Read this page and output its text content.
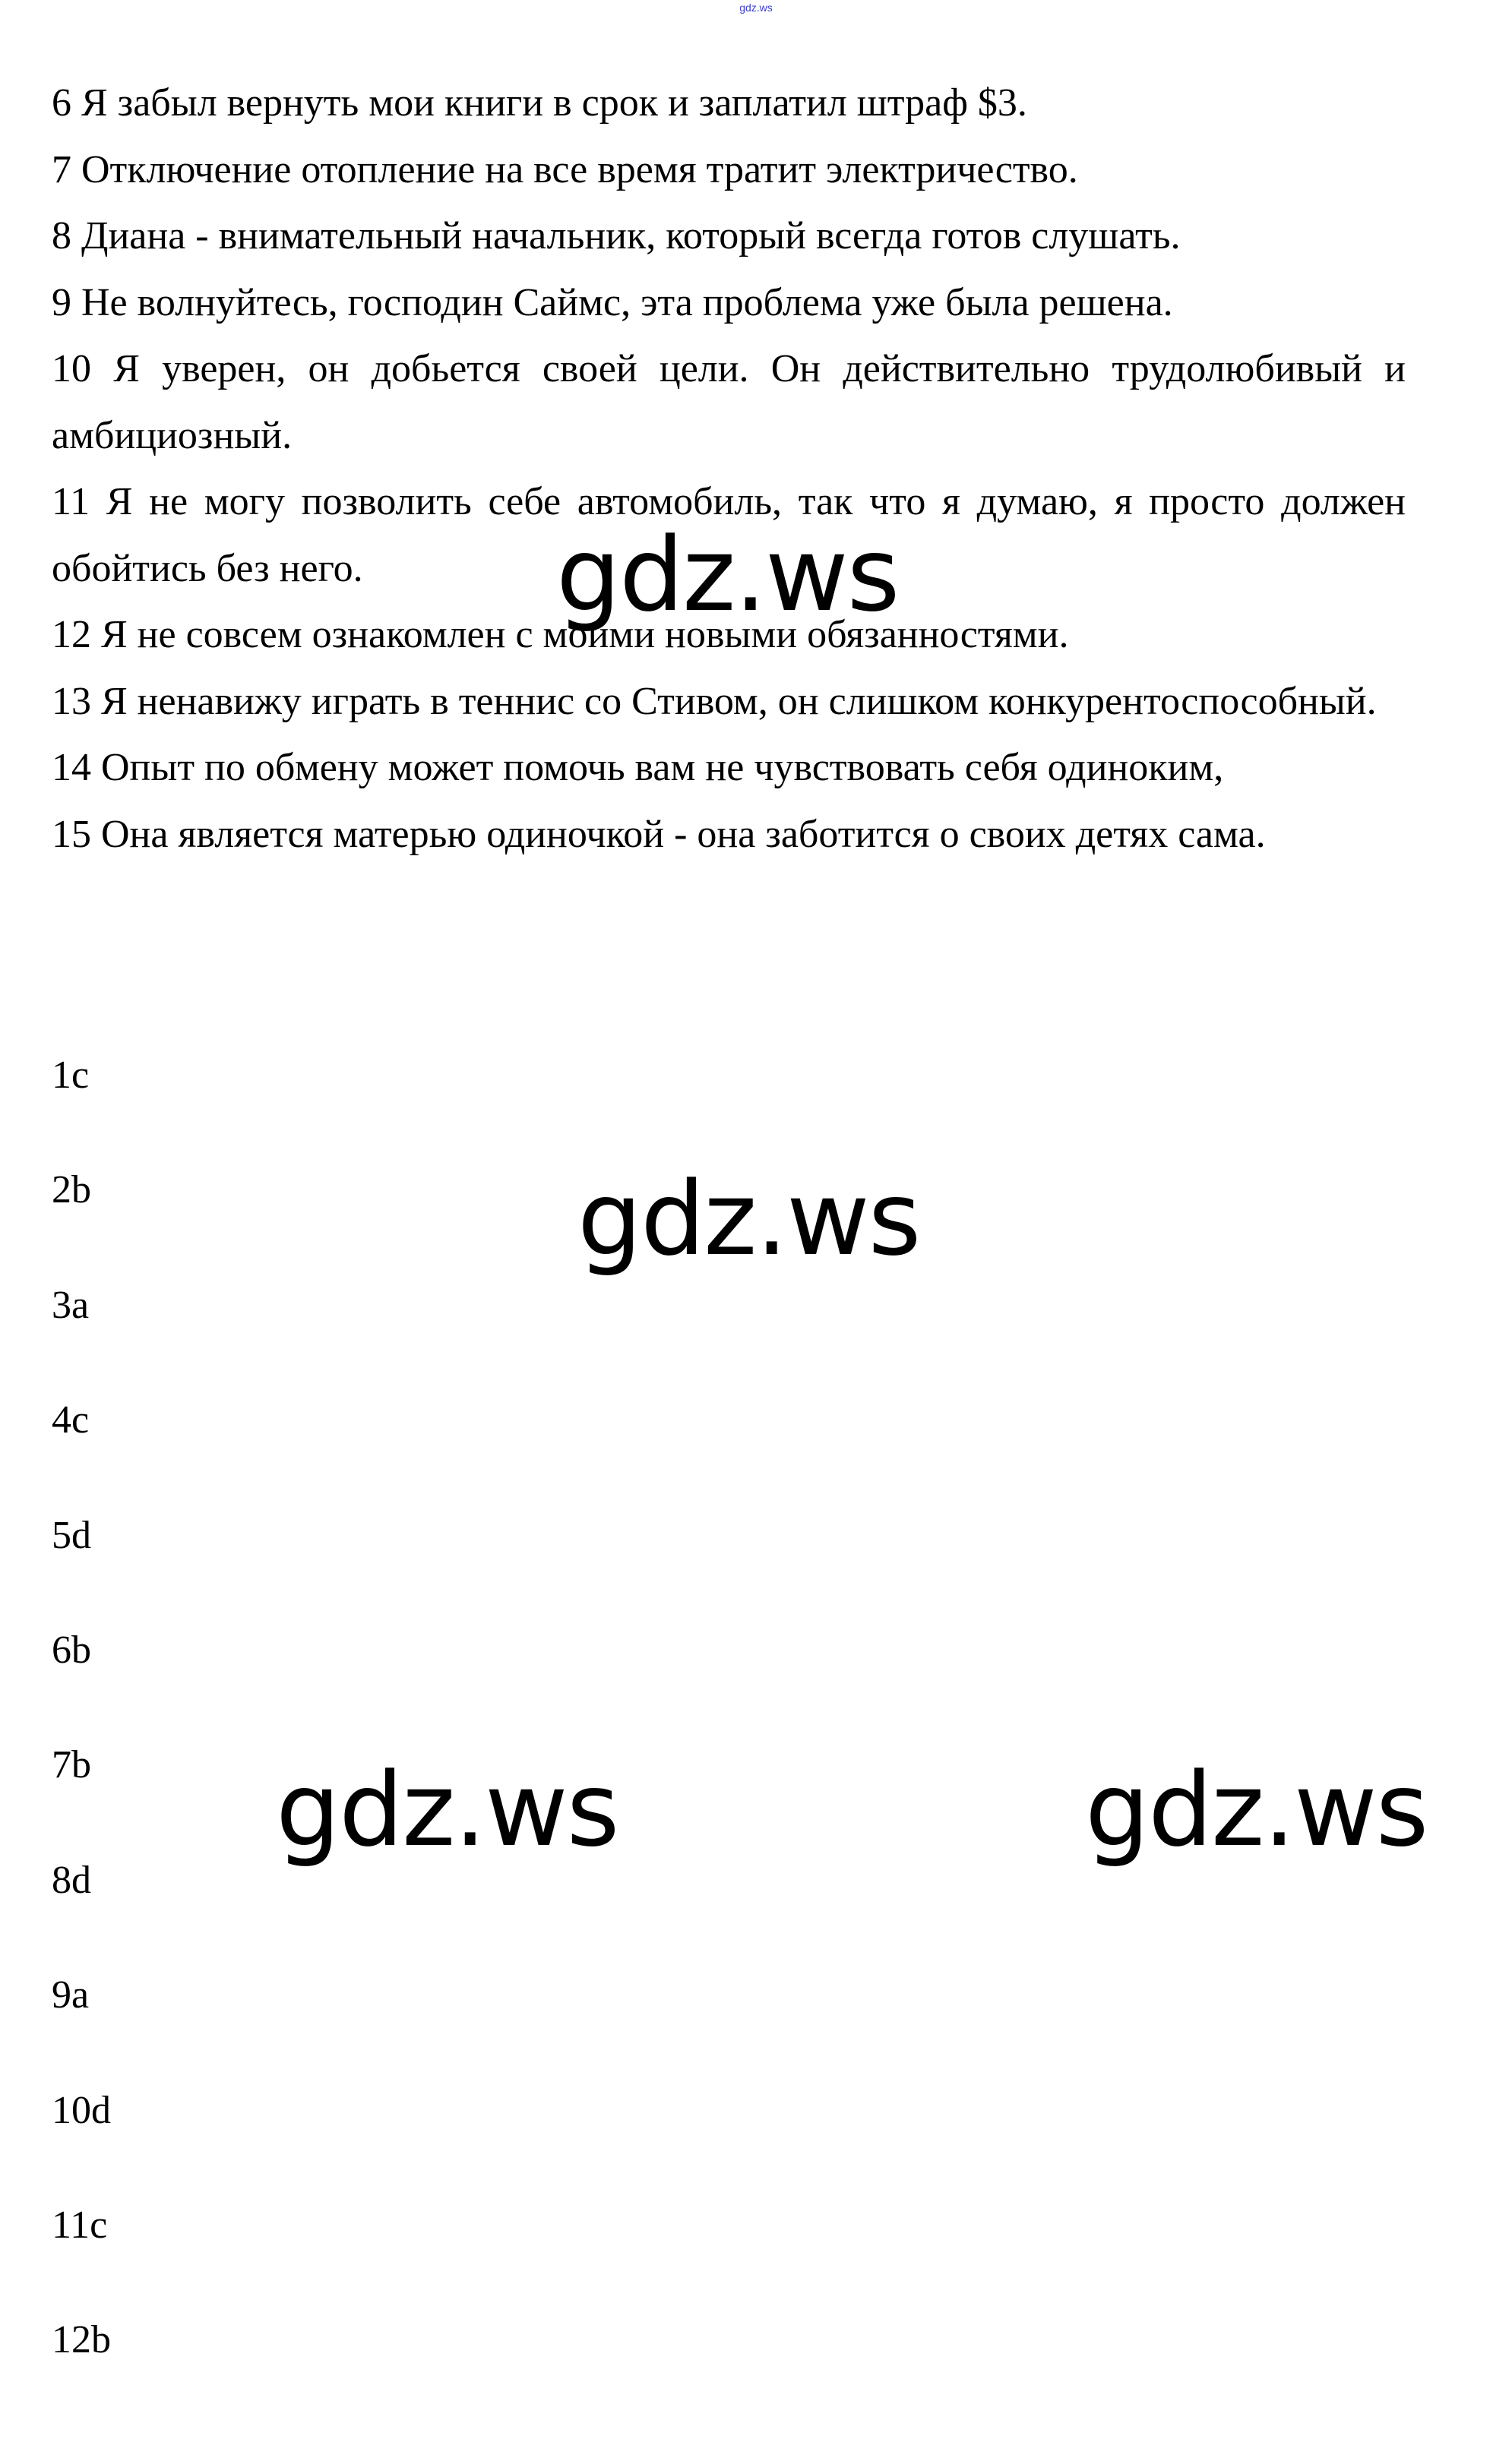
gdz.ws
6 Я забыл вернуть мои книги в срок и заплатил штраф $3.
7 Отключение отопление на все время тратит электричество.
8 Диана - внимательный начальник, который всегда готов слушать.
9 Не волнуйтесь, господин Саймс, эта проблема уже была решена.
10 Я уверен, он добьется своей цели. Он действительно трудолюбивый и амбициозный.
11 Я не могу позволить себе автомобиль, так что я думаю, я просто должен обойтись без него.
12 Я не совсем ознакомлен с моими новыми обязанностями.
13 Я ненавижу играть в теннис со Стивом, он слишком конкурентоспособный.
14 Опыт по обмену может помочь вам не чувствовать себя одиноким,
15 Она является матерью одиночкой - она заботится о своих детях сама.
1c
2b
3a
4c
5d
6b
7b
8d
9a
10d
11c
12b
gdz.ws
gdz.ws
gdz.ws	gdz.ws
